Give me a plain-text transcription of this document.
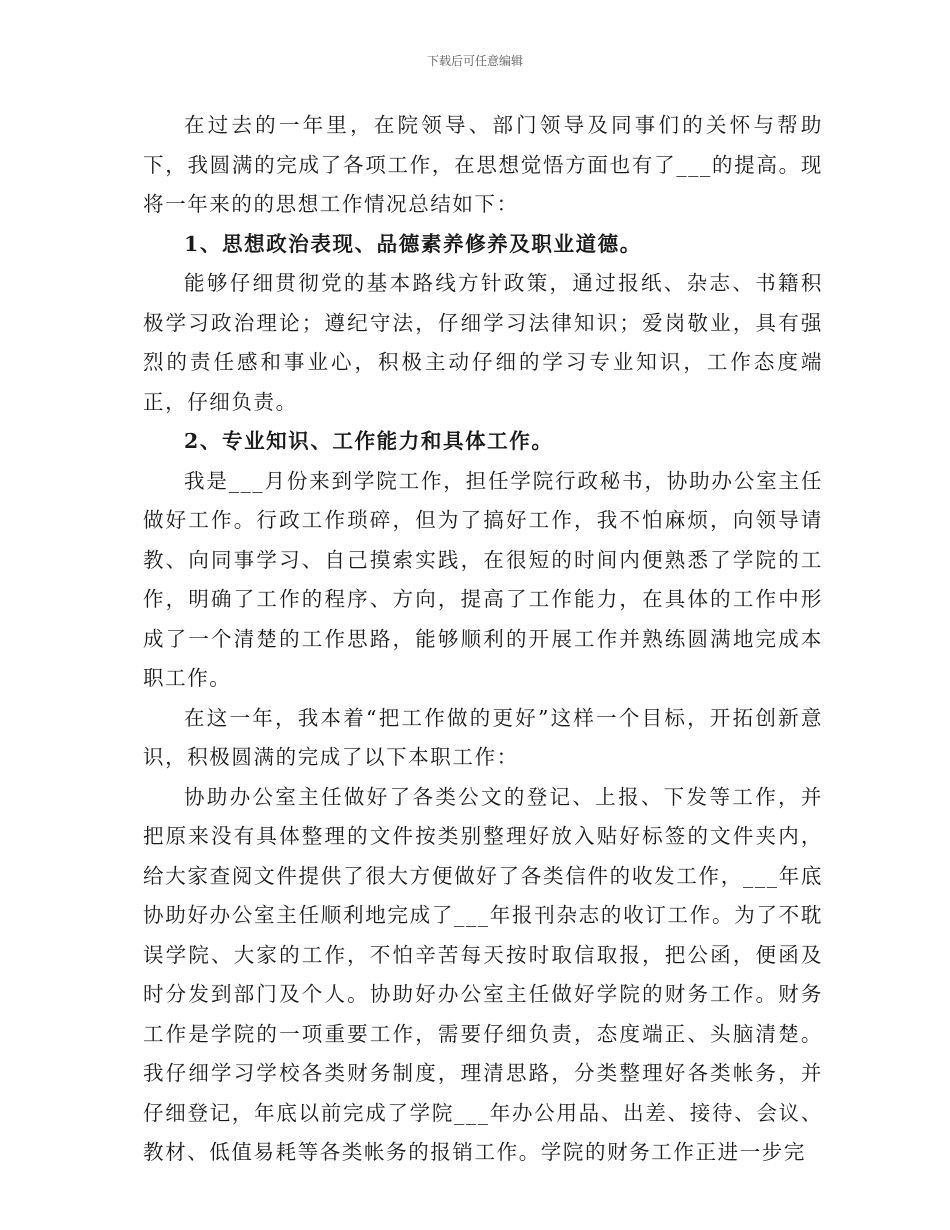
下载后可任意编辑

在过去的一年里，在院领导、部门领导及同事们的关怀与帮助下，我圆满的完成了各项工作，在思想觉悟方面也有了___的提高。现将一年来的的思想工作情况总结如下：

1、思想政治表现、品德素养修养及职业道德。

能够仔细贯彻党的基本路线方针政策，通过报纸、杂志、书籍积极学习政治理论；遵纪守法，仔细学习法律知识；爱岗敬业，具有强烈的责任感和事业心，积极主动仔细的学习专业知识，工作态度端正，仔细负责。

2、专业知识、工作能力和具体工作。

我是___月份来到学院工作，担任学院行政秘书，协助办公室主任做好工作。行政工作琐碎，但为了搞好工作，我不怕麻烦，向领导请教、向同事学习、自己摸索实践，在很短的时间内便熟悉了学院的工作，明确了工作的程序、方向，提高了工作能力，在具体的工作中形成了一个清楚的工作思路，能够顺利的开展工作并熟练圆满地完成本职工作。

在这一年，我本着“把工作做的更好”这样一个目标，开拓创新意识，积极圆满的完成了以下本职工作：

协助办公室主任做好了各类公文的登记、上报、下发等工作，并把原来没有具体整理的文件按类别整理好放入贴好标签的文件夹内，给大家查阅文件提供了很大方便做好了各类信件的收发工作，___年底协助好办公室主任顺利地完成了___年报刊杂志的收订工作。为了不耽误学院、大家的工作，不怕辛苦每天按时取信取报，把公函，便函及时分发到部门及个人。协助好办公室主任做好学院的财务工作。财务工作是学院的一项重要工作，需要仔细负责，态度端正、头脑清楚。我仔细学习学校各类财务制度，理清思路，分类整理好各类帐务，并仔细登记，年底以前完成了学院___年办公用品、出差、接待、会议、教材、低值易耗等各类帐务的报销工作。学院的财务工作正进一步完
